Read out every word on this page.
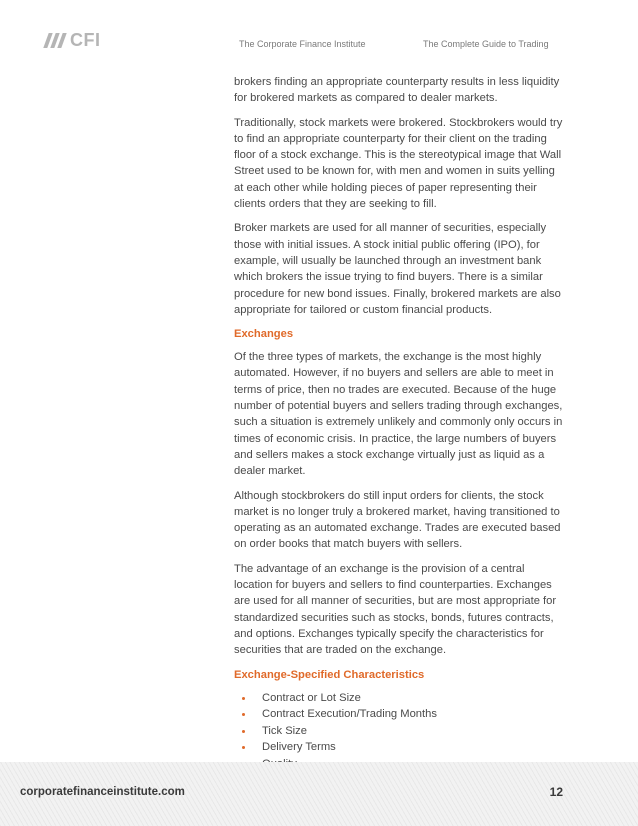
CFI	The Corporate Finance Institute	The Complete Guide to Trading

brokers finding an appropriate counterparty results in less liquidity for brokered markets as compared to dealer markets.

Traditionally, stock markets were brokered. Stockbrokers would try to find an appropriate counterparty for their client on the trading floor of a stock exchange. This is the stereotypical image that Wall Street used to be known for, with men and women in suits yelling at each other while holding pieces of paper representing their clients orders that they are seeking to fill.

Broker markets are used for all manner of securities, especially those with initial issues. A stock initial public offering (IPO), for example, will usually be launched through an investment bank which brokers the issue trying to find buyers. There is a similar procedure for new bond issues. Finally, brokered markets are also appropriate for tailored or custom financial products.

Exchanges

Of the three types of markets, the exchange is the most highly automated. However, if no buyers and sellers are able to meet in terms of price, then no trades are executed. Because of the huge number of potential buyers and sellers trading through exchanges, such a situation is extremely unlikely and commonly only occurs in times of economic crisis. In practice, the large numbers of buyers and sellers makes a stock exchange virtually just as liquid as a dealer market.

Although stockbrokers do still input orders for clients, the stock market is no longer truly a brokered market, having transitioned to operating as an automated exchange. Trades are executed based on order books that match buyers with sellers.

The advantage of an exchange is the provision of a central location for buyers and sellers to find counterparties. Exchanges are used for all manner of securities, but are most appropriate for standardized securities such as stocks, bonds, futures contracts, and options. Exchanges typically specify the characteristics for securities that are traded on the exchange.

Exchange-Specified Characteristics
Contract or Lot Size
Contract Execution/Trading Months
Tick Size
Delivery Terms
corporatefinanceinstitute.com	12
